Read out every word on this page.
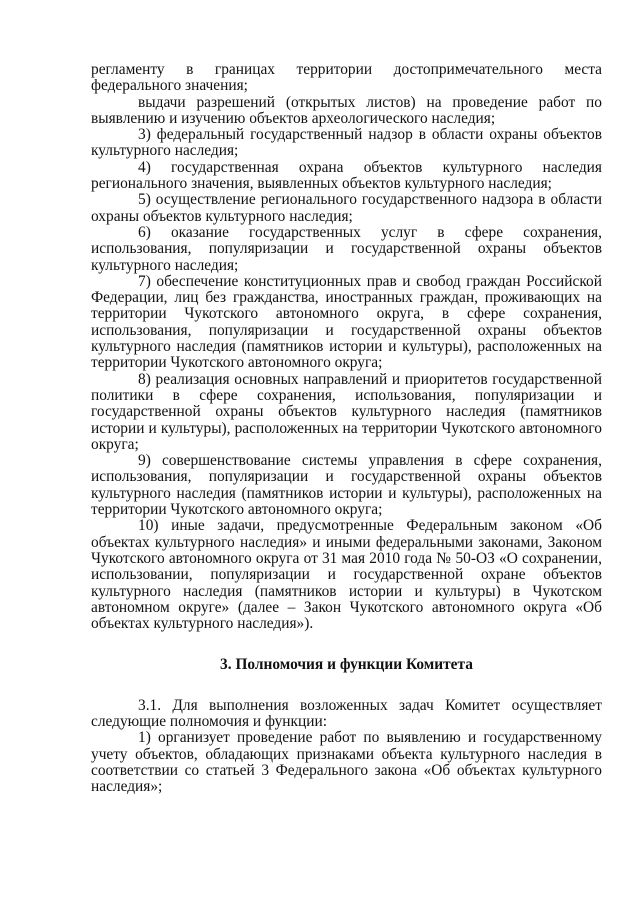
регламенту в границах территории достопримечательного места федерального значения;

выдачи разрешений (открытых листов) на проведение работ по выявлению и изучению объектов археологического наследия;

3) федеральный государственный надзор в области охраны объектов культурного наследия;

4) государственная охрана объектов культурного наследия регионального значения, выявленных объектов культурного наследия;

5) осуществление регионального государственного надзора в области охраны объектов культурного наследия;

6) оказание государственных услуг в сфере сохранения, использования, популяризации и государственной охраны объектов культурного наследия;

7) обеспечение конституционных прав и свобод граждан Российской Федерации, лиц без гражданства, иностранных граждан, проживающих на территории Чукотского автономного округа, в сфере сохранения, использования, популяризации и государственной охраны объектов культурного наследия (памятников истории и культуры), расположенных на территории Чукотского автономного округа;

8) реализация основных направлений и приоритетов государственной политики в сфере сохранения, использования, популяризации и государственной охраны объектов культурного наследия (памятников истории и культуры), расположенных на территории Чукотского автономного округа;

9) совершенствование системы управления в сфере сохранения, использования, популяризации и государственной охраны объектов культурного наследия (памятников истории и культуры), расположенных на территории Чукотского автономного округа;

10) иные задачи, предусмотренные Федеральным законом «Об объектах культурного наследия» и иными федеральными законами, Законом Чукотского автономного округа от 31 мая 2010 года № 50-ОЗ «О сохранении, использовании, популяризации и государственной охране объектов культурного наследия (памятников истории и культуры) в Чукотском автономном округе» (далее – Закон Чукотского автономного округа «Об объектах культурного наследия»).

3. Полномочия и функции Комитета

3.1. Для выполнения возложенных задач Комитет осуществляет следующие полномочия и функции:

1) организует проведение работ по выявлению и государственному учету объектов, обладающих признаками объекта культурного наследия в соответствии со статьей 3 Федерального закона «Об объектах культурного наследия»;
